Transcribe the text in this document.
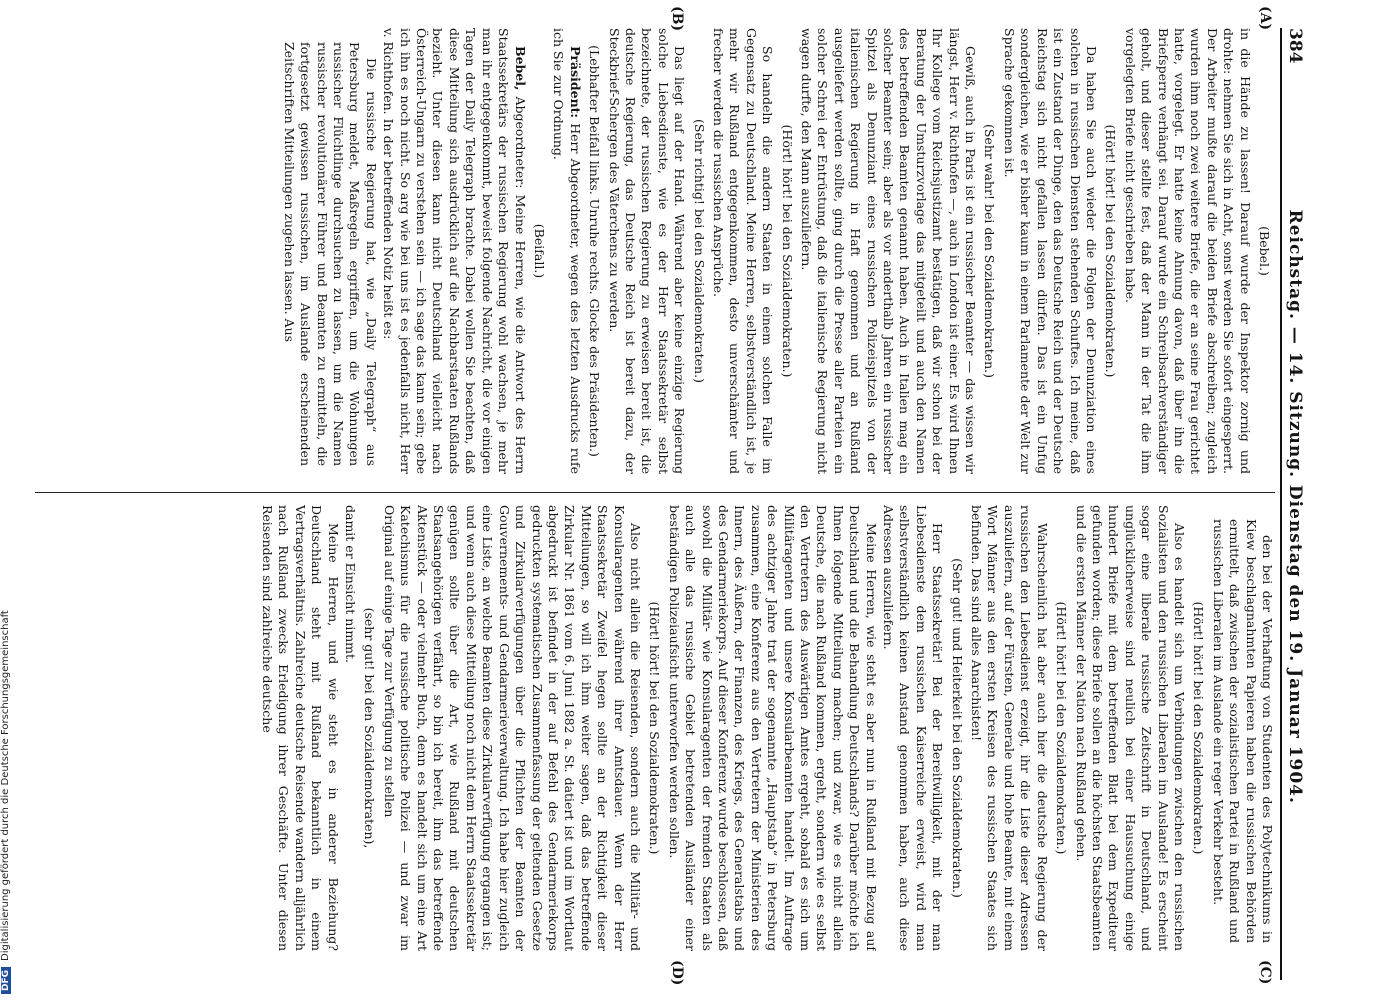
384
Reichstag. — 14. Sitzung. Dienstag den 19. Januar 1904.
(A)
(B)
(C)
(D)

(Bebel.)

in die Hände zu lassen! Darauf wurde der Inspektor zornig und drohte: nehmen Sie sich in Acht, sonst werden Sie sofort eingesperrt. Der Arbeiter mußte darauf die beiden Briefe abschreiben; zugleich wurden ihm noch zwei weitere Briefe, die er an seine Frau gerichtet hatte, vorgelegt. Er hatte keine Ahnung davon, daß über ihn die Briefsperre verhängt sei. Darauf wurde ein Schreibsachverständiger geholt, und dieser stellte fest, daß der Mann in der Tat die ihm vorgelegten Briefe nicht geschrieben habe.

(Hört! hört! bei den Sozialdemokraten.)

Da haben Sie auch wieder die Folgen der Denunziation eines solchen in russischen Diensten stehenden Schuftes. Ich meine, daß ist ein Zustand der Dinge, den das Deutsche Reich und der Deutsche Reichstag sich nicht gefallen lassen dürfen. Das ist ein Unfug sondergleichen, wie er bisher kaum in einem Parlamente der Welt zur Sprache gekommen ist.

(Sehr wahr! bei den Sozialdemokraten.)

Gewiß, auch in Paris ist ein russischer Beamter — das wissen wir längst, Herr v. Richthofen —, auch in London ist einer. Es wird Ihnen Ihr Kollege vom Reichsjustizamt bestätigen, daß wir schon bei der Beratung der Umsturzvorlage das mitgeteilt und auch den Namen des betreffenden Beamten genannt haben. Auch in Italien mag ein solcher Beamter sein; aber als vor anderthalb Jahren ein russischer Spitzel als Denunziant eines russischen Polizeispitzels von der italienischen Regierung in Haft genommen und an Rußland ausgeliefert werden sollte, ging durch die Presse aller Parteien ein solcher Schrei der Entrüstung, daß die italienische Regierung nicht wagen durfte, den Mann auszuliefern.

(Hört! hört! bei den Sozialdemokraten.)

So handeln die andern Staaten in einem solchen Falle im Gegensatz zu Deutschland. Meine Herren, selbstverständlich ist, je mehr wir Rußland entgegenkommen, desto unverschämter und frecher werden die russischen Ansprüche.

(Sehr richtig! bei den Sozialdemokraten.)

Das liegt auf der Hand. Während aber keine einzige Regierung solche Liebesdienste, wie es der Herr Staatssekretär selbst bezeichnete, der russischen Regierung zu erweisen bereit ist, die deutsche Regierung, das Deutsche Reich ist bereit dazu, der Steckbrief-Schergen des Väterchens zu werden.

(Lebhafter Beifall links. Unruhe rechts. Glocke des Präsidenten.)

Präsident: Herr Abgeordneter, wegen des letzten Ausdrucks rufe ich Sie zur Ordnung.

(Beifall.)

Bebel, Abgeordneter: Meine Herren, wie die Antwort des Herrn Staatssekretärs der russischen Regierung wohl wachsen, je mehr man ihr entgegenkommt, beweist folgende Nachricht, die vor einigen Tagen der Daily Telegraph brachte. Dabei wollen Sie beachten, daß diese Mitteilung sich ausdrücklich auf die Nachbarstaaten Rußlands bezieht. Unter diesen kann nicht Deutschland vielleicht nach Österreich-Ungarn zu verstehen sein — ich sage das kann sein; gebe ich ihn es noch nicht. So arg wie bei uns ist es jedenfalls nicht, Herr v. Richthofen. In der betreffenden Notiz heißt es:

Die russische Regierung hat, wie „Daily Telegraph“ aus Petersburg meldet, Maßregeln ergriffen, um die Wohnungen russischer Flüchtlinge durchsuchen zu lassen, um die Namen russischer revolutionärer Führer und Beamten zu ermitteln, die fortgesetzt gewissen russischen, im Auslande erscheinenden Zeitschriften Mitteilungen zugehen lassen. Aus

den bei der Verhaftung von Studenten des Polytechnikums in Kiew beschlagnahmten Papieren haben die russischen Behörden ermittelt, daß zwischen der sozialistischen Partei in Rußland und russischen Liberalen im Auslande ein reger Verkehr besteht.

(Hört! hört! bei den Sozialdemokraten.)

Also es handelt sich um Verbindungen zwischen den russischen Sozialisten und den russischen Liberalen im Auslande! Es erscheint sogar eine liberale russische Zeitschrift in Deutschland, und unglücklicherweise sind neulich bei einer Haussuchung einige hundert Briefe mit dem betreffenden Blatt bei dem Expediteur gefunden worden; diese Briefe sollen an die höchsten Staatsbeamten und die ersten Männer der Nation nach Rußland gehen.

(Hört! hört! bei den Sozialdemokraten.)

Wahrscheinlich hat aber auch hier die deutsche Regierung der russischen den Liebesdienst erzeigt, ihr die Liste dieser Adressen auszuliefern, auf der Fürsten, Generale und hohe Beamte, mit einem Wort Männer aus den ersten Kreisen des russischen Staates sich befinden. Das sind alles Anarchisten!

(Sehr gut! und Heiterkeit bei den Sozialdemokraten.)

Herr Staatssekretär! Bei der Bereitwilligkeit, mit der man Liebesdienste dem russischen Kaiserreiche erweist, wird man selbstverständlich keinen Anstand genommen haben, auch diese Adressen auszuliefern.

Meine Herren, wie steht es aber nun in Rußland mit Bezug auf Deutschland und die Behandlung Deutschlands? Darüber möchte ich Ihnen folgende Mitteilung machen; und zwar, wie es nicht allein Deutsche, die nach Rußland kommen, ergeht, sondern wie es selbst den Vertretern des Auswärtigen Amtes ergeht, sobald es sich um Militäragenten und unsere Konsularbeamten handelt. Im Auftrage des achtziger Jahre trat der sogenannte „Hauptstab“ in Petersburg zusammen, eine Konferenz aus den Vertretern der Ministerien des Innern, des Äußern, der Finanzen, des Kriegs, des Generalstabs und des Gendarmeriekorps. Auf dieser Konferenz wurde beschlossen, daß sowohl die Militär- wie Konsularagenten der fremden Staaten als auch alle das russische Gebiet betretenden Ausländer einer beständigen Polizeiaufsicht unterworfen werden sollen.

(Hört! hört! bei den Sozialdemokraten.)

Also nicht allein die Reisenden, sondern auch die Militär- und Konsularagenten während ihrer Amtsdauer. Wenn der Herr Staatssekretär Zweifel hegen sollte an der Richtigkeit dieser Mitteilungen, so will ich ihm weiter sagen, daß das betreffende Zirkular Nr. 1861 vom 6. Juni 1882 a. St. datiert ist und im Wortlaut abgedruckt ist befindet in der auf Befehl des Gendarmeriekorps gedruckten systematischen Zusammenfassung der geltenden Gesetze und Zirkularverfügungen über die Pflichten der Beamten der Gouvernements- und Gendarmerieverwaltung. Ich habe hier zugleich eine Liste, an welche Beamten diese Zirkularverfügung ergangen ist; und wenn auch diese Mitteilung noch nicht dem Herrn Staatssekretär genügen sollte über die Art, wie Rußland mit deutschen Staatsangehörigen verfährt, so bin ich bereit, ihm das betreffende Aktenstück — oder vielmehr Buch, denn es handelt sich um eine Art Katechismus für die russische politische Polizei — und zwar im Original auf einige Tage zur Verfügung zu stellen

(sehr gut! bei den Sozialdemokraten),

damit er Einsicht nimmt.

Meine Herren, und wie steht es in anderer Beziehung? Deutschland steht mit Rußland bekanntlich in einem Vertragsverhältnis. Zahlreiche deutsche Reisende wandern alljährlich nach Rußland zwecks Erledigung ihrer Geschäfte. Unter diesen Reisenden sind zahlreiche deutsche

DFGDigitalisierung gefördert durch die Deutsche Forschungsgemeinschaft
